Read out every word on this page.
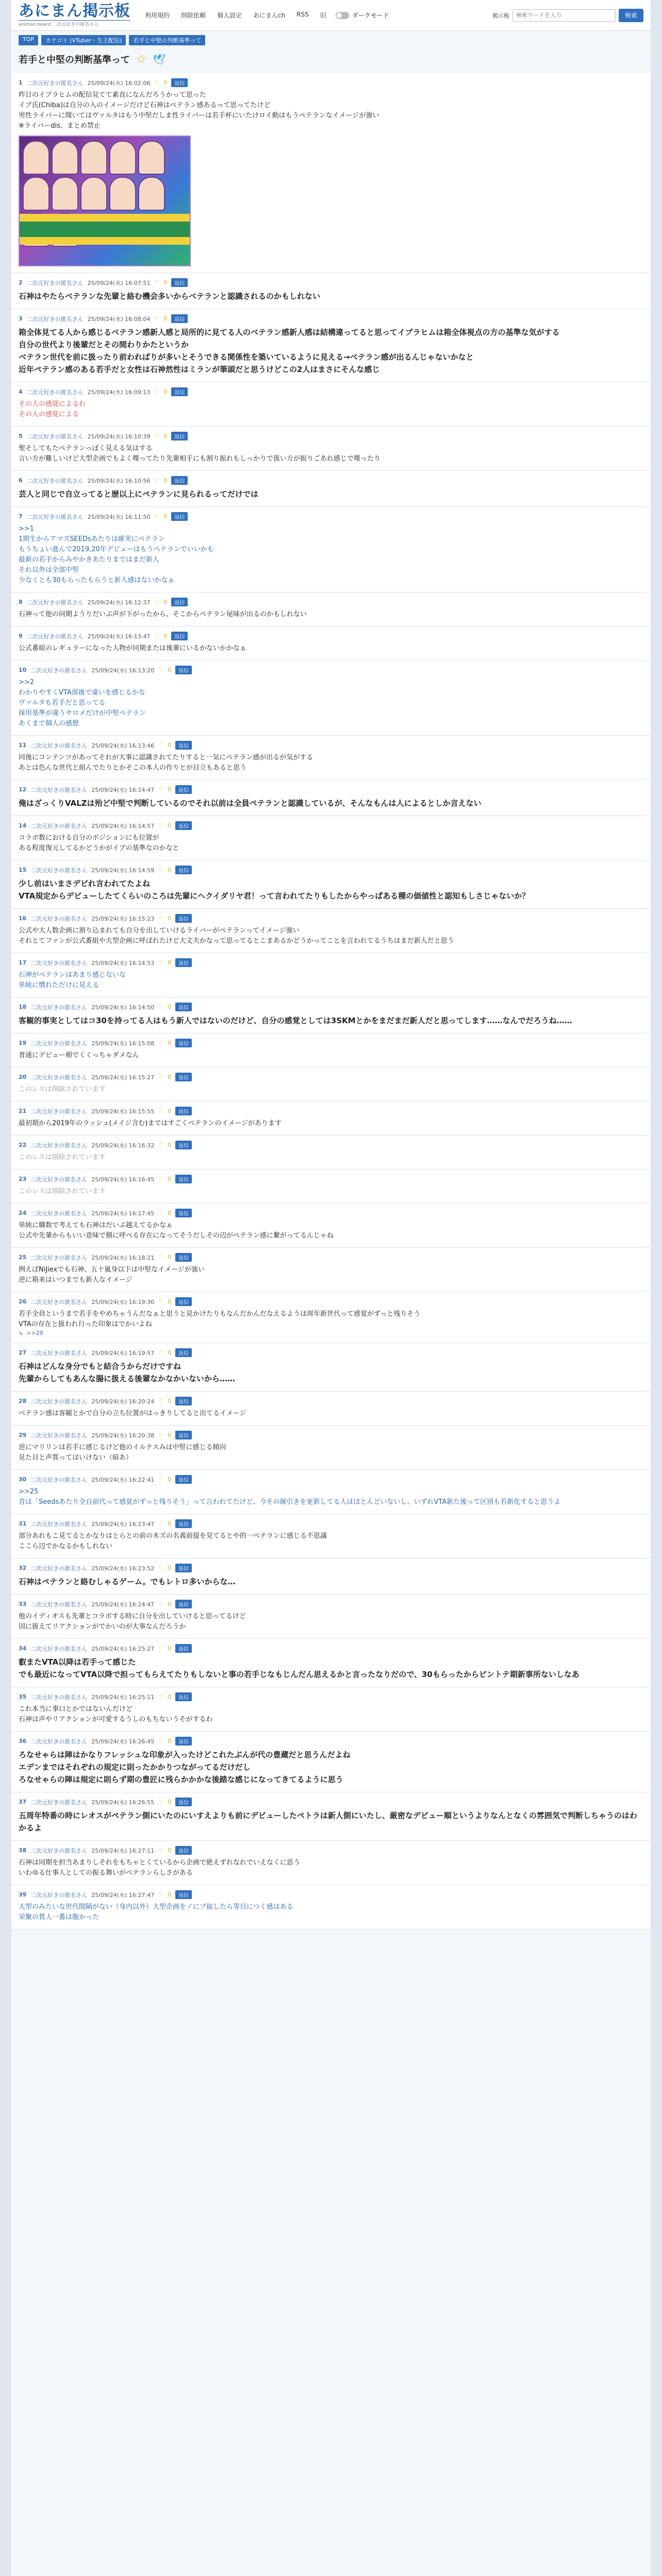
あにまん掲示板
animan board 二次元好きの匿名さん
利用規約 削除依頼 個人設定 あにまんch RSS 旧	ダークモード	掲示板
検索ワードを入力	検索
TOP	カテゴリ (VTuber・生主配信)	若手と中堅の判断基準って
若手と中堅の判断基準って ☆ 🕊
1 二次元好きの匿名さん 25/09/24(水) 16:02:06 ♡ 0	返信
昨日のイブラヒムの配信見てて素直になんだろうかって思った
イブ氏(Chiba)は自分の入のイメージだけど石神はペテラン感あるって思ってたけど
男性ライバーに聞いてはヴァルタはもう中堅だしま性ライバーは若手杯にいたけロイ動はもうペテランなイメージが強い
※ライバーdis、まとめ禁止
2 二次元好きの匿名さん 25/09/24(水) 16:07:51 ♡ 0	返信
石神はやたらベテランな先輩と絡む機会多いからベテランと認識されるのかもしれない
3 二次元好きの匿名さん 25/09/24(水) 16:08:04 ♡ 0	返信
箱全体見てる人から感じるベテラン感新人感と局所的に見てる人のベテラン感新人感は結構違ってると思ってイブラヒムは箱全体視点の方の基準な気がする
自分の世代より後輩だとその間わりかたというか
ベテラン世代を前に扱ったり前わればりが多いとそうできる関係性を築いているように見える→ベテラン感が出るんじゃないかなと
近年ペテラン感のある若手だと女性は石神然性はミランが筆頭だと思うけどこの2人はまさにそんな感じ
4 二次元好きの匿名さん 25/09/24(水) 16:09:13 ♡ 0	返信
その人の感覚によるわ
その人の感覚による
5 二次元好きの匿名さん 25/09/24(水) 16:10:39 ♡ 0	返信
聖そしてもたペテランっぽく見える気はする
言い方が難しいけど大型企画でもよく喋ってたり先輩相手にも割り振れもしっかりで扱い方が振りごあれ感じで喋ったり
6 二次元好きの匿名さん 25/09/24(水) 16:10:56 ♡ 0	返信
芸人と同じで自立ってると歴以上にペテランに見られるってだけでは
7 二次元好きの匿名さん 25/09/24(水) 16:11:50 ♡ 0	返信
>>1
1期生からアマズSEEDsあたりは確実にペテラン
もうちょい進んで2019,20年デビューはもうペテランでいいかも
最新の若手からみやかきあたりまではまだ新人
それ以外は全部中堅
少なくとも30もらったもらうと新人感はないかなぁ
8 二次元好きの匿名さん 25/09/24(水) 16:12:37 ♡ 0	返信
石神って他の同期ようりだいぶ声が下がったから、そこからペテラン尾味が出るのかもしれない
9 二次元好きの匿名さん 25/09/24(水) 16:13:47 ♡ 0	返信
公式番組のレギュラーになった人物が同期または後輩にいるかないかかなぁ
10 二次元好きの匿名さん 25/09/24(水) 16:13:20 ♡ 0	返信
>>2
わかりやすくVTA部後で違いを感じるかな
ヴァルタも若手だと思ってる
採用基準が違うサロメだけが中堅ペテラン
あくまで個人の感想
11 二次元好きの匿名さん 25/09/24(水) 16:13:46 ♡ 0	返信
同後にコンテンツがあってそれが大事に認識されてたりすると一気にペテラン感が出るが気がする
あとは色んな世代と組んでたりとかそこの本人の作りとが目立もあると思う
12 二次元好きの匿名さん 25/09/24(水) 16:14:47 ♡ 0	返信
俺はざっくりVALZは殆ど中堅で判断しているのでそれ以前は全員ペテランと認識しているが、そんなもんは人によるとしか言えない
14 二次元好きの匿名さん 25/09/24(水) 16:14:57 ♡ 0	返信
コラボ数における自分のポジションにも位置が
ある程度復元してるかどうかがイブの基準なのかなと
15 二次元好きの匿名さん 25/09/24(水) 16:14:59 ♡ 0	返信
少し前はいまさデビれ言われてたよね
VTA規定からデビューしたてくらいのころは先輩にヘクイダリヤ君！って言われてたりもしたからやっぱある種の価値性と認知もしさじゃないか？
16 二次元好きの匿名さん 25/09/24(水) 16:15:23 ♡ 0	返信
公式や大人数企画に割り込まれても自分を出していけるライバーがペテランってイメージ強い
それとてファンが公式番組や大型企画に呼ばれたけど大丈夫かなって思ってるとこまあるかどうかってことを言われてるうちはまだ新人だと思う
17 二次元好きの匿名さん 25/09/24(水) 16:14:53 ♡ 0	返信
石神がペテランはあまり感じないな
単純に慣れただけに見える
18 二次元好きの匿名さん 25/09/24(水) 16:14:50 ♡ 0	返信
客観的事実としてはコ30を持ってる人はもう新人ではないのだけど、自分の感覚としては3SKMとかをまだまだ新人だと思ってします……なんでだろうね……
19 二次元好きの匿名さん 25/09/24(水) 16:15:08 ♡ 0	返信
普通にデビュー順でくくっちゃダメなん
20 二次元好きの匿名さん 25/09/24(水) 16:15:27 ♡ 0	返信
このレスは削除されています
21 二次元好きの匿名さん 25/09/24(水) 16:15:55 ♡ 0	返信
最初期から2019年のラッシュ(メイジ含む)まではすごくベテランのイメージがあります
22 二次元好きの匿名さん 25/09/24(水) 16:16:32 ♡ 0	返信
このレスは削除されています
23 二次元好きの匿名さん 25/09/24(水) 16:16:45 ♡ 0	返信
このレスは削除されています
24 二次元好きの匿名さん 25/09/24(水) 16:17:45 ♡ 0	返信
単純に職数で考えても石神はだいぶ越えてるかなぁ
公式や先輩からもいい意味で捌に呼べる存在になってそうだしその辺がペテラン感に繋がってるんじゃね
25 二次元好きの匿名さん 25/09/24(水) 16:18:21 ♡ 0	返信
例えばNiJiexでも石神、五十嵐身以下は中堅なイメージが強い
逆に箱来はいつまでも新人なイメージ
26 二次元好きの匿名さん 25/09/24(水) 16:19:30 ♡ 0	返信
若手全員というまで若手をやめちゃうんだなぁと思うと見かけたりもなんだかんだなえるようは周年新世代って感覚がずっと残りそう
VTAの存在と扱われ行った印象はでかいよね
↳ >>29
27 二次元好きの匿名さん 25/09/24(水) 16:19:57 ♡ 0	返信
石神はどんな身分でもと結合うからだけですね
先輩からしてもあんな腸に扱える後輩なかなかいないから……
28 二次元好きの匿名さん 25/09/24(水) 16:20:24 ♡ 0	返信
ベテラン感は客観とかで自分の立ち位置がはっきりしてると出てるイメージ
29 二次元好きの匿名さん 25/09/24(水) 16:20:38 ♡ 0	返信
逆にマリリンは若手に感じるけど他のイルテスみは中堅に感じる傾向
見た目と声質ってはいけない（暗あ）
30 二次元好きの匿名さん 25/09/24(水) 16:22:41 ♡ 0	返信
>>25
昔は「Seedsあたり全自前代って感覚がずっと残りそう」って言われてたけど、今その線引きを更新してる人はほとんどいないし、いずれVTA新た後って区別も若新化すると思うよ
31 二次元好きの匿名さん 25/09/24(水) 16:23:47 ♡ 0	返信
部分あれもこ見てるとかなりはとらとの前の木ズの名義前提を見てるとや的一ベテランに感じる不思議
ここら辺でかなるかもしれない
32 二次元好きの匿名さん 25/09/24(水) 16:23:52 ♡ 0	返信
石神はペテランと絡むしゃるゲーム。でもレトロ多いからな…
33 二次元好きの匿名さん 25/09/24(水) 16:24:47 ♡ 0	返信
他のイディオスも先輩とコラボする時に自分を出していけると思ってるけど
国に扱えてリアクションがでかいのが大事なんだろうか
34 二次元好きの匿名さん 25/09/24(水) 16:25:27 ♡ 0	返信
叡またVTA以降は若手って感じた
でも最近になってVTA以降で担ってもらえてたりもしないと事の若手じなもじんだん思えるかと言ったなりだので、30もらったからピントテ期新事所ないしなあ
35 二次元好きの匿名さん 25/09/24(水) 16:25:11 ♡ 0	返信
これ本当に事口とかではないんだけど
石神は声やリアクションが可愛するうしのもちないうそがするわ
36 二次元好きの匿名さん 25/09/24(水) 16:26:45 ♡ 0	返信
ろなせゃらは陣はかなりフレッシュな印象が入ったけどこれたぶんが代の豊蔵だと思うんだよね
エデンまではそれぞれの規定に則ったかかりつながってるだけだし
ろなせゃらの陣は規定に則らず期の豊匠に残らかかかな後踏な感じになってきてるように思う
37 二次元好きの匿名さん 25/09/24(水) 16:26:55 ♡ 0	返信
五周年特番の時にレオスがペテラン側にいたのにいすえよりも前にデビューしたペトラは新人側にいたし、厳密なデビュー順というよりなんとなくの雰囲気で判断しちゃうのはわかるよ
38 二次元好きの匿名さん 25/09/24(水) 16:27:11 ♡ 0	返信
石神は同期を担当あまりしそれをもちゃとくているから企画で絶えずれなれでいえなくに思う
いわゆる仕事人としての振る舞いがベテランらしさがある
39 二次元好きの匿名さん 25/09/24(水) 16:27:47 ♡ 0	返信
大型のみたいな世代間隔がない（身内以外）大型企画をノにプ抜したら等目につく感はある
栄聚の貫人一番は腹かった
